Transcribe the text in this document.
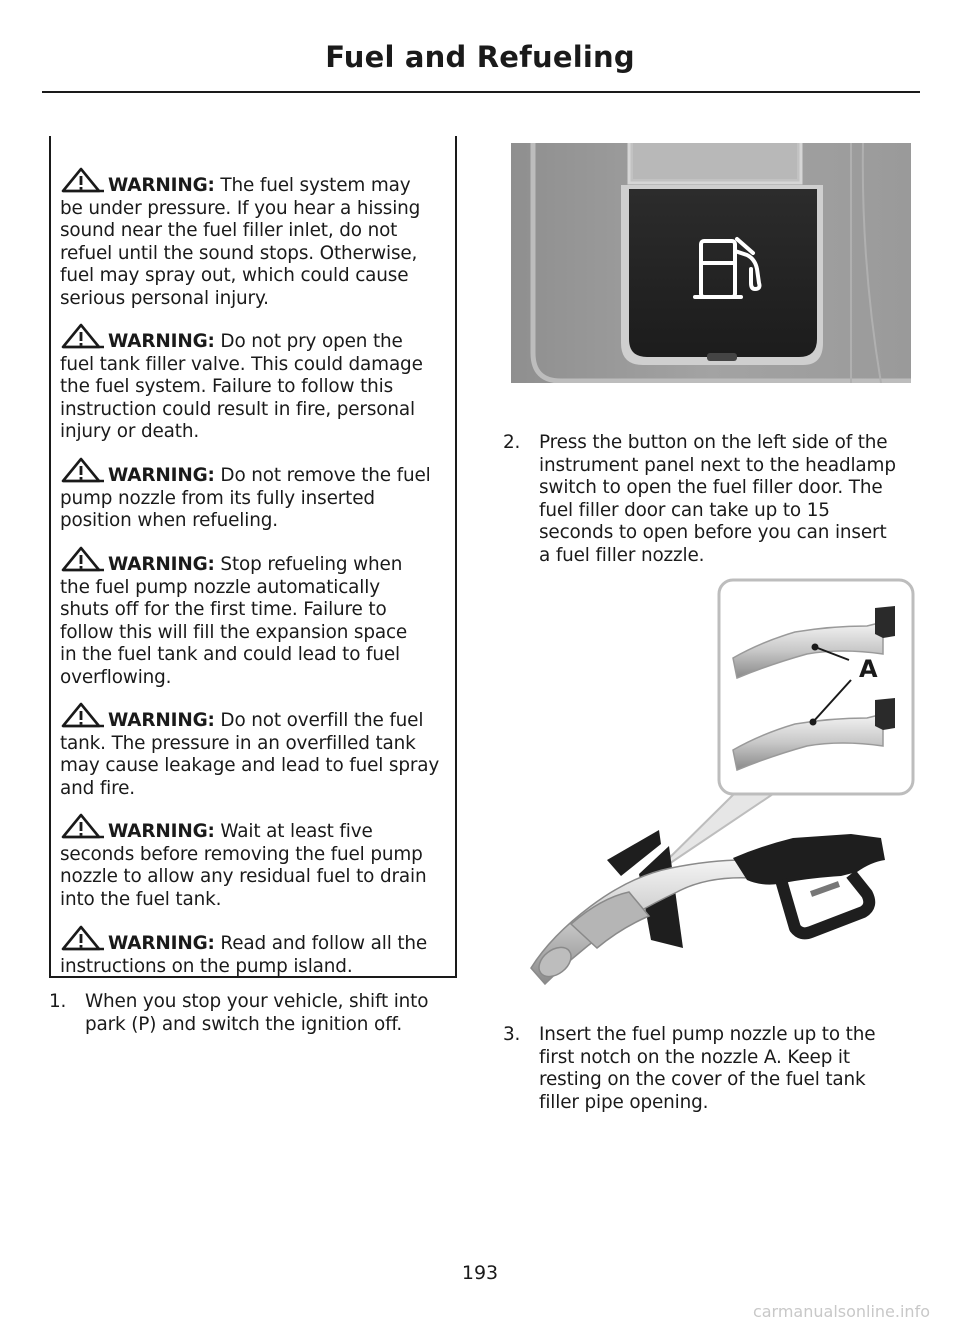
Fuel and Refueling
WARNING: The fuel system may
be under pressure. If you hear a hissing
sound near the fuel filler inlet, do not
refuel until the sound stops. Otherwise,
fuel may spray out, which could cause
serious personal injury.
WARNING: Do not pry open the
fuel tank filler valve. This could damage
the fuel system. Failure to follow this
instruction could result in fire, personal
injury or death.
WARNING: Do not remove the fuel
pump nozzle from its fully inserted
position when refueling.
WARNING: Stop refueling when
the fuel pump nozzle automatically
shuts off for the first time. Failure to
follow this will fill the expansion space
in the fuel tank and could lead to fuel
overflowing.
WARNING: Do not overfill the fuel
tank. The pressure in an overfilled tank
may cause leakage and lead to fuel spray
and fire.
WARNING: Wait at least five
seconds before removing the fuel pump
nozzle to allow any residual fuel to drain
into the fuel tank.
WARNING: Read and follow all the
instructions on the pump island.
1. When you stop your vehicle, shift into
park (P) and switch the ignition off.
2. Press the button on the left side of the
instrument panel next to the headlamp
switch to open the fuel filler door. The
fuel filler door can take up to 15
seconds to open before you can insert
a fuel filler nozzle.
A
3. Insert the fuel pump nozzle up to the
first notch on the nozzle A. Keep it
resting on the cover of the fuel tank
filler pipe opening.
193
carmanualsonline.info
